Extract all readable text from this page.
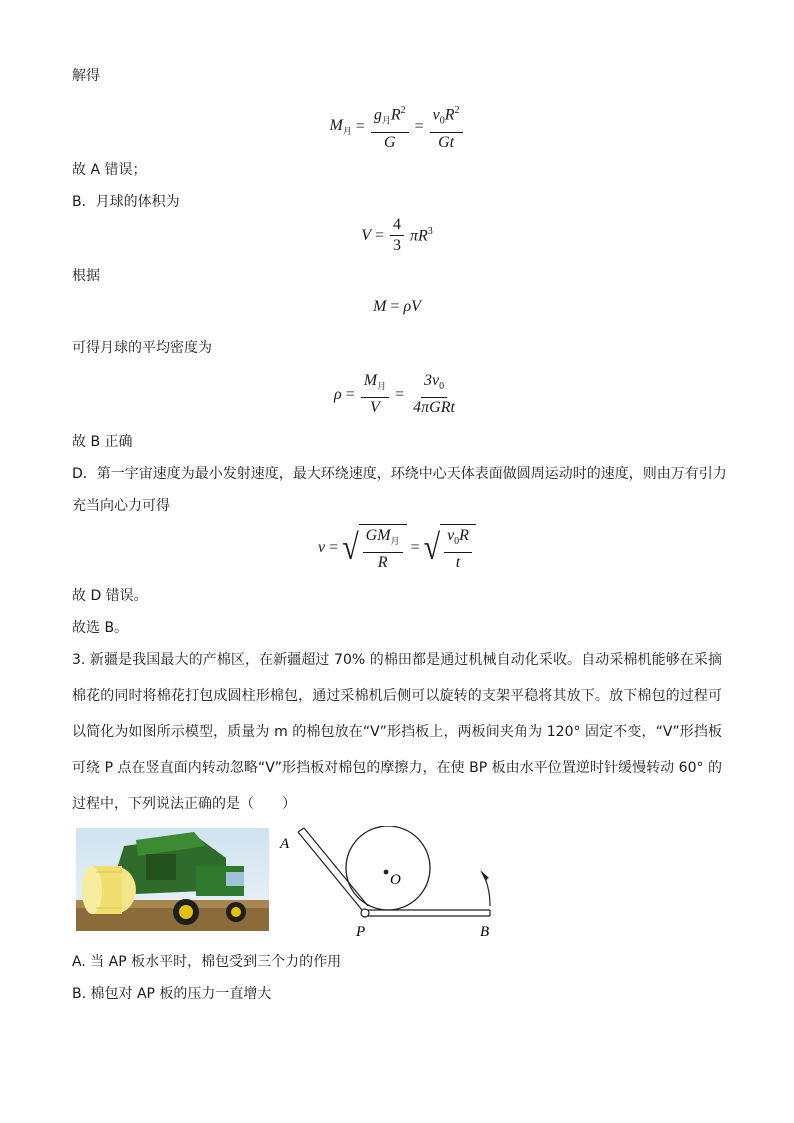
解得
$M_月 = \frac{g_月R^2}{G} = \frac{v_0R^2}{Gt}$
故 A 错误；
B．月球的体积为
$V = \frac{4}{3} \pi R^3$
根据
M = ρV
可得月球的平均密度为
$\rho = \frac{M_月}{V} = \frac{3v_0}{\text{4πGRt}}$
故 B 正确
D．第一宇宙速度为最小发射速度，最大环绕速度，环绕中心天体表面做圆周运动时的速度，则由万有引力
充当向心力可得
v = √ $\frac{GM_月}{R}$ = √ $\frac{v_0R}{t}$
故 D 错误。
故选 B。
3. 新疆是我国最大的产棉区，在新疆超过 70% 的棉田都是通过机械自动化采收。自动采棉机能够在采摘棉花的同时将棉花打包成圆柱形棉包，通过采棉机后侧可以旋转的支架平稳将其放下。放下棉包的过程可以简化为如图所示模型，质量为 m 的棉包放在“V”形挡板上，两板间夹角为 120° 固定不变，“V”形挡板可绕 P 点在竖直面内转动忽略“V”形挡板对棉包的摩擦力，在使 BP 板由水平位置逆时针缓慢转动 60° 的过程中，下列说法正确的是（　　）
A
O
P	B
A. 当 AP 板水平时，棉包受到三个力的作用
B. 棉包对 AP 板的压力一直增大
